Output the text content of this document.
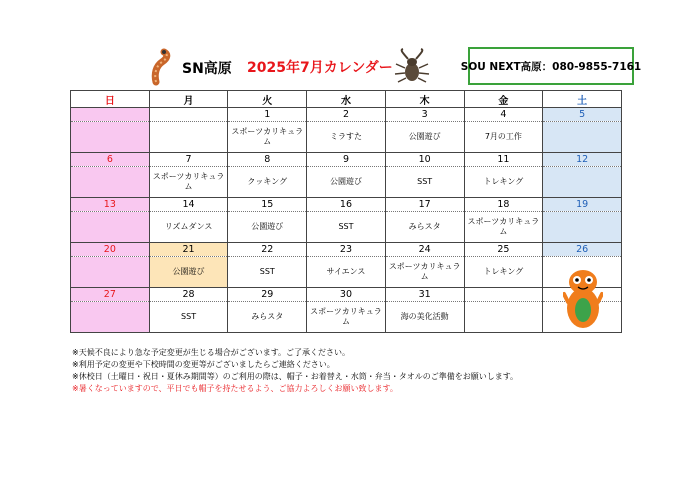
SN高原 2025年7月カレンダー	SOU NEXT高原：080-9855-7161
日	月	火	水	木	金	土
		1	2	3	4	5
		スポーツカリキュラム	ミラすた	公園遊び	7月の工作	
6	7	8	9	10	11	12
	スポーツカリキュラム	クッキング	公園遊び	SST	トレキング	
13	14	15	16	17	18	19
	リズムダンス	公園遊び	SST	みらスタ	スポーツカリキュラム	
20	21	22	23	24	25	26
	公園遊び	SST	サイエンス	スポーツカリキュラム	トレキング	
27	28	29	30	31		
	SST	みらスタ	スポーツカリキュラム	海の美化活動		
※天候不良により急な予定変更が生じる場合がございます。ご了承ください。
※利用予定の変更や下校時間の変更等がございましたらご連絡ください。
※休校日（土曜日・祝日・夏休み期間等）のご利用の際は、帽子・お着替え・水筒・弁当・タオルのご準備をお願いします。
※暑くなっていますので、平日でも帽子を持たせるよう、ご協力よろしくお願い致します。
